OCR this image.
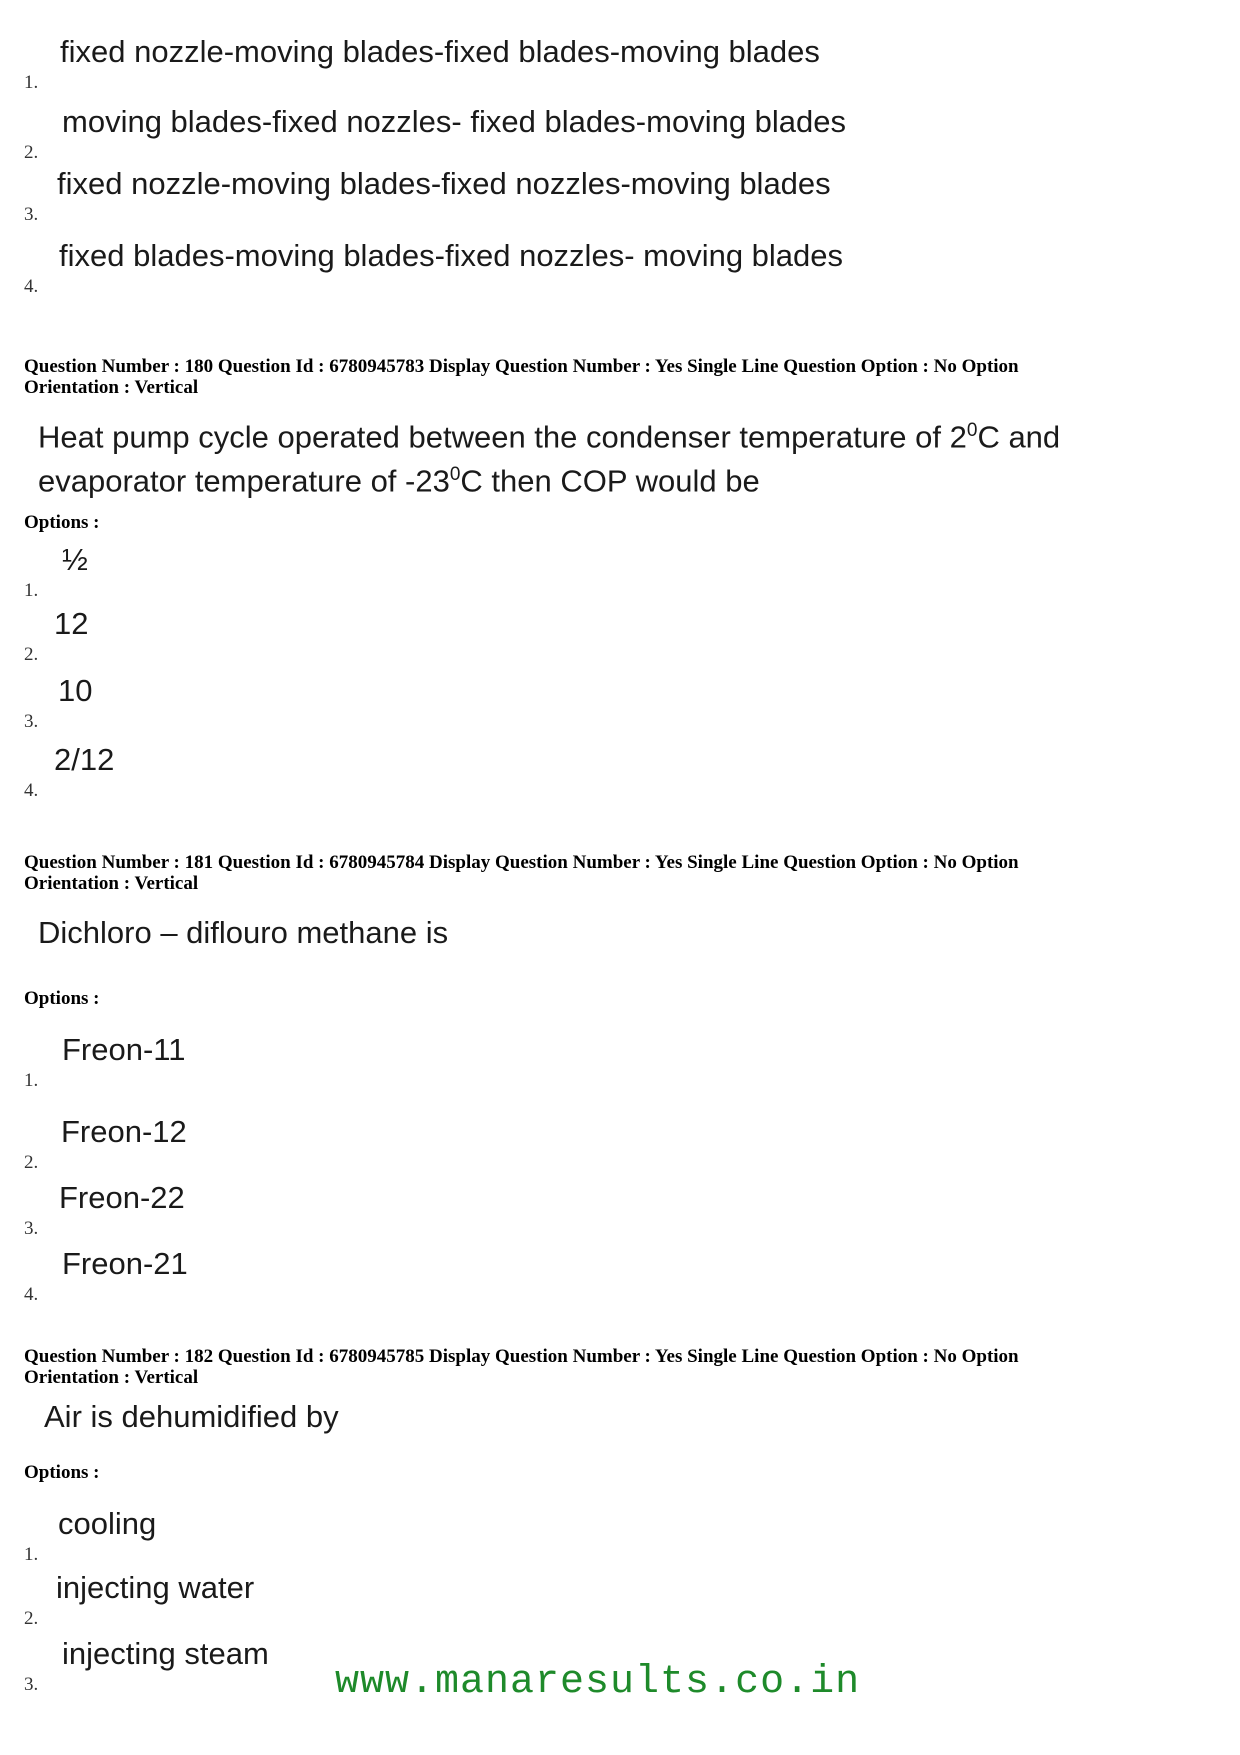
1.
fixed nozzle-moving blades-fixed blades-moving blades
2.
moving blades-fixed nozzles- fixed blades-moving blades
3.
fixed nozzle-moving blades-fixed nozzles-moving blades
4.
fixed blades-moving blades-fixed nozzles- moving blades
Question Number : 180 Question Id : 6780945783 Display Question Number : Yes Single Line Question Option : No Option
Orientation : Vertical
Heat pump cycle operated between the condenser temperature of $2^0C$ and
evaporator temperature of $-23^0C$ then COP would be
Options :
1.
½
2.
12
3.
10
4.
2/12
Question Number : 181 Question Id : 6780945784 Display Question Number : Yes Single Line Question Option : No Option
Orientation : Vertical
Dichloro – diflouro methane is
Options :
1.
Freon-11
2.
Freon-12
3.
Freon-22
4.
Freon-21
Question Number : 182 Question Id : 6780945785 Display Question Number : Yes Single Line Question Option : No Option
Orientation : Vertical
Air is dehumidified by
Options :
1.
cooling
2.
injecting water
3.
injecting steam
www.manaresults.co.in
